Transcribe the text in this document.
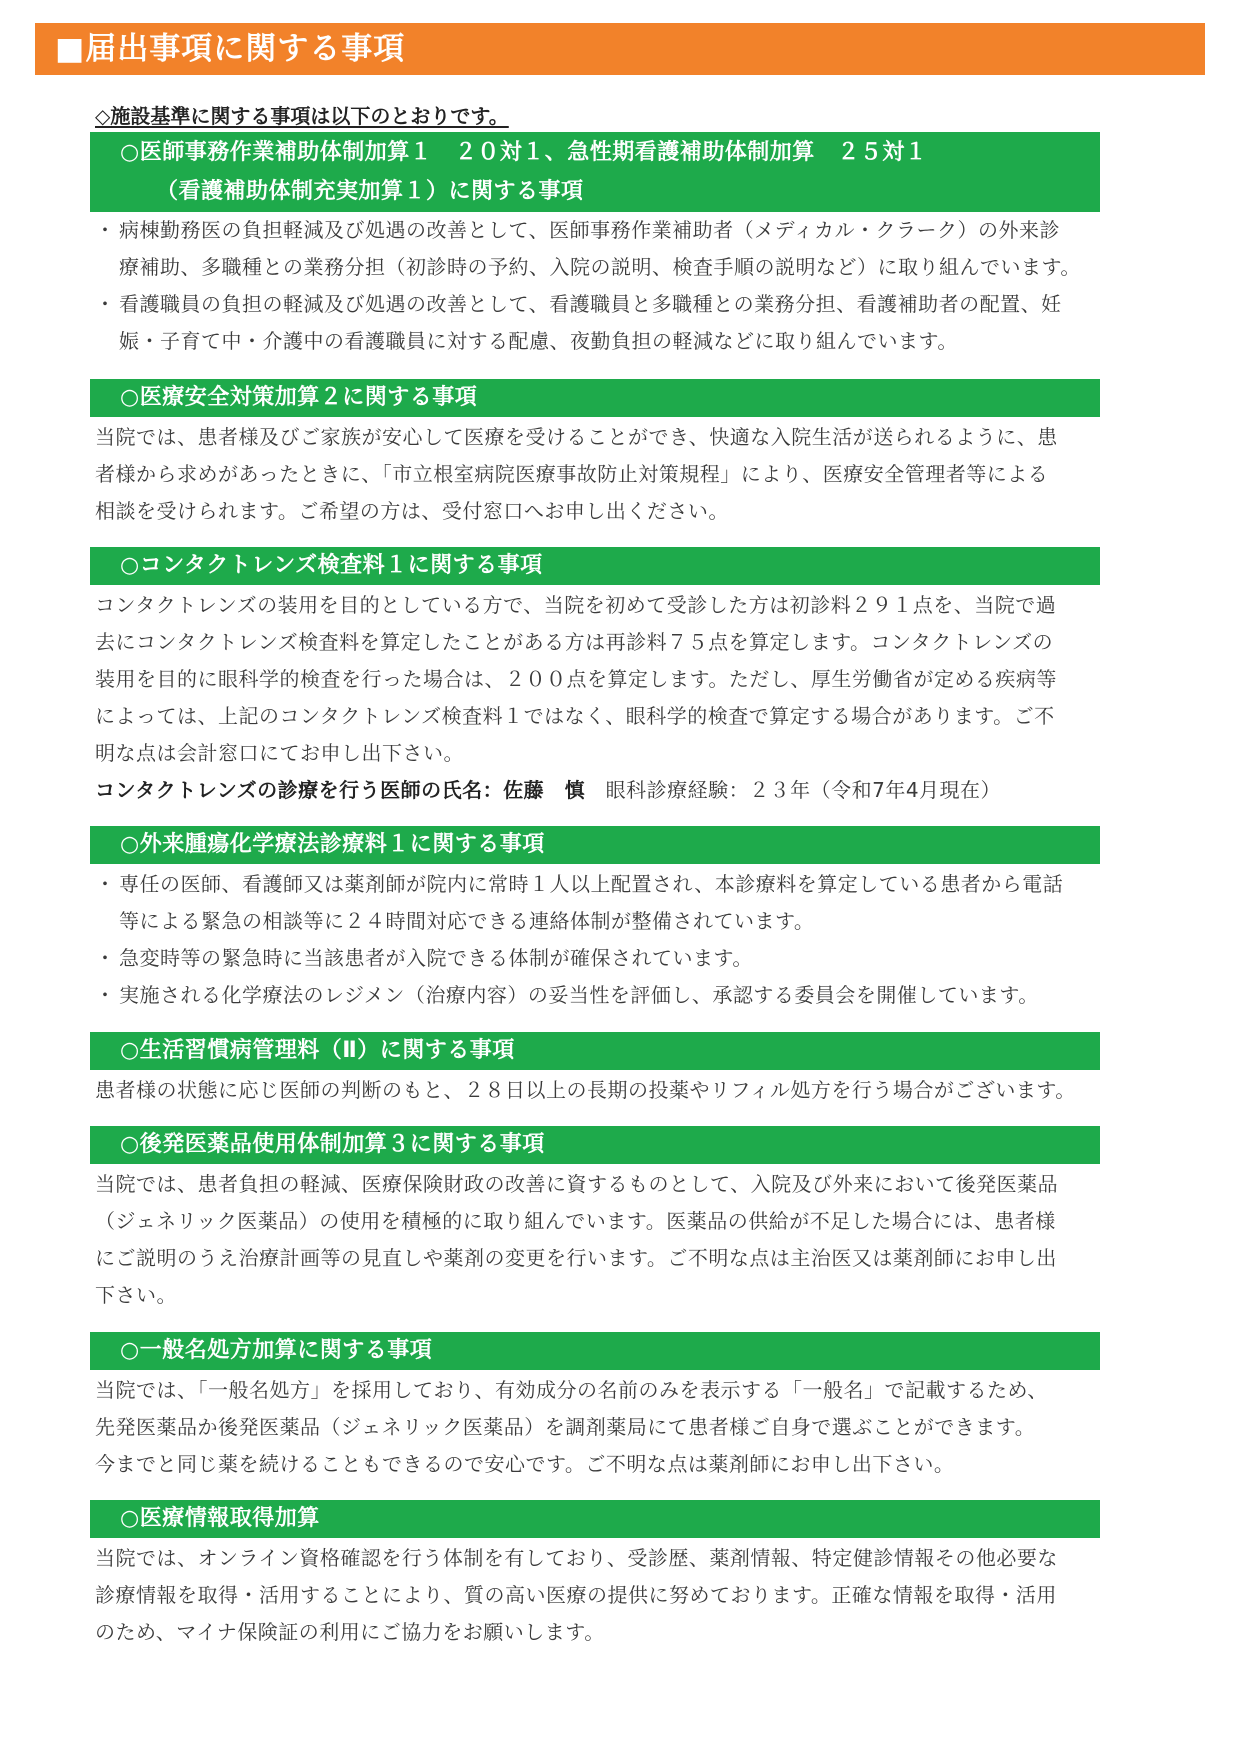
■届出事項に関する事項
◇施設基準に関する事項は以下のとおりです。
○医師事務作業補助体制加算１　２０対１、急性期看護補助体制加算　２５対１
（看護補助体制充実加算１）に関する事項
・ 病棟勤務医の負担軽減及び処遇の改善として、医師事務作業補助者（メディカル・クラーク）の外来診
療補助、多職種との業務分担（初診時の予約、入院の説明、検査手順の説明など）に取り組んでいます。
・ 看護職員の負担の軽減及び処遇の改善として、看護職員と多職種との業務分担、看護補助者の配置、妊
娠・子育て中・介護中の看護職員に対する配慮、夜勤負担の軽減などに取り組んでいます。
○医療安全対策加算２に関する事項
当院では、患者様及びご家族が安心して医療を受けることができ、快適な入院生活が送られるように、患
者様から求めがあったときに、「市立根室病院医療事故防止対策規程」により、医療安全管理者等による
相談を受けられます。ご希望の方は、受付窓口へお申し出ください。
○コンタクトレンズ検査料１に関する事項
コンタクトレンズの装用を目的としている方で、当院を初めて受診した方は初診料２９１点を、当院で過
去にコンタクトレンズ検査料を算定したことがある方は再診料７５点を算定します。コンタクトレンズの
装用を目的に眼科学的検査を行った場合は、２００点を算定します。ただし、厚生労働省が定める疾病等
によっては、上記のコンタクトレンズ検査料１ではなく、眼科学的検査で算定する場合があります。ご不
明な点は会計窓口にてお申し出下さい。
コンタクトレンズの診療を行う医師の氏名：佐藤　慎　眼科診療経験：２３年（令和7年4月現在）
○外来腫瘍化学療法診療料１に関する事項
・ 専任の医師、看護師又は薬剤師が院内に常時１人以上配置され、本診療料を算定している患者から電話
等による緊急の相談等に２４時間対応できる連絡体制が整備されています。
・ 急変時等の緊急時に当該患者が入院できる体制が確保されています。
・ 実施される化学療法のレジメン（治療内容）の妥当性を評価し、承認する委員会を開催しています。
○生活習慣病管理料（Ⅱ）に関する事項
患者様の状態に応じ医師の判断のもと、２８日以上の長期の投薬やリフィル処方を行う場合がございます。
○後発医薬品使用体制加算３に関する事項
当院では、患者負担の軽減、医療保険財政の改善に資するものとして、入院及び外来において後発医薬品
（ジェネリック医薬品）の使用を積極的に取り組んでいます。医薬品の供給が不足した場合には、患者様
にご説明のうえ治療計画等の見直しや薬剤の変更を行います。ご不明な点は主治医又は薬剤師にお申し出
下さい。
○一般名処方加算に関する事項
当院では、「一般名処方」を採用しており、有効成分の名前のみを表示する「一般名」で記載するため、
先発医薬品か後発医薬品（ジェネリック医薬品）を調剤薬局にて患者様ご自身で選ぶことができます。
今までと同じ薬を続けることもできるので安心です。ご不明な点は薬剤師にお申し出下さい。
○医療情報取得加算
当院では、オンライン資格確認を行う体制を有しており、受診歴、薬剤情報、特定健診情報その他必要な
診療情報を取得・活用することにより、質の高い医療の提供に努めております。正確な情報を取得・活用
のため、マイナ保険証の利用にご協力をお願いします。
